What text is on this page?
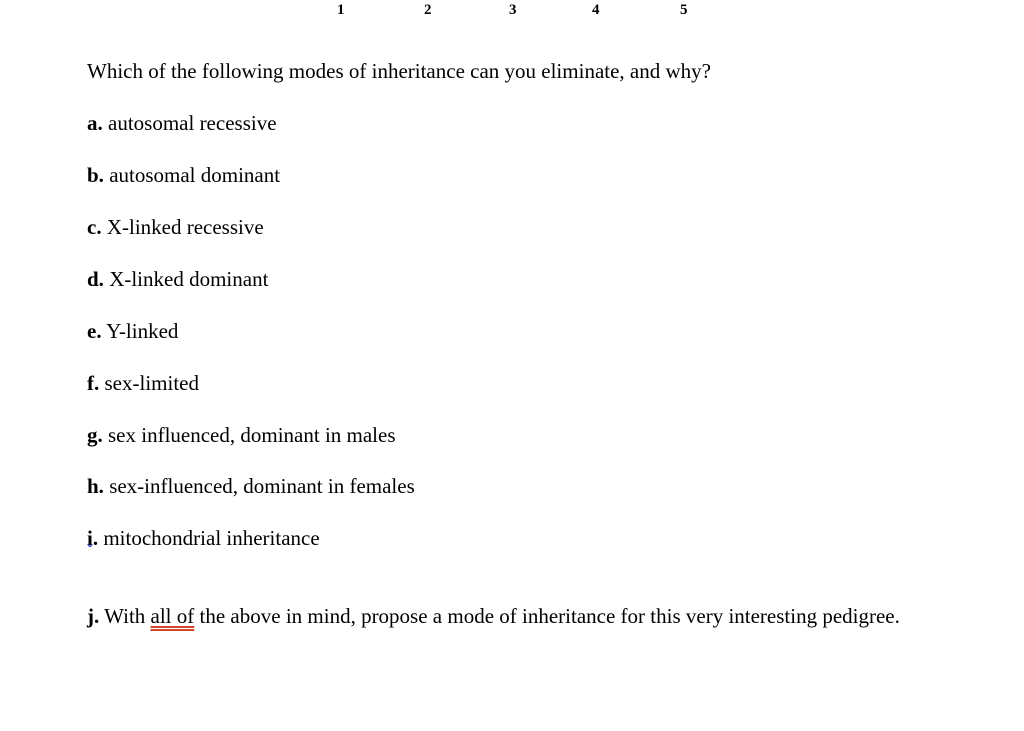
1	2	3	4	5
Which of the following modes of inheritance can you eliminate, and why?
a. autosomal recessive
b. autosomal dominant
c. X-linked recessive
d. X-linked dominant
e. Y-linked
f. sex-limited
g. sex influenced, dominant in males
h. sex-influenced, dominant in females
i. ˇ mitochondrial inheritance
j. With all of the above in mind, propose a mode of inheritance for this very interesting pedigree.
